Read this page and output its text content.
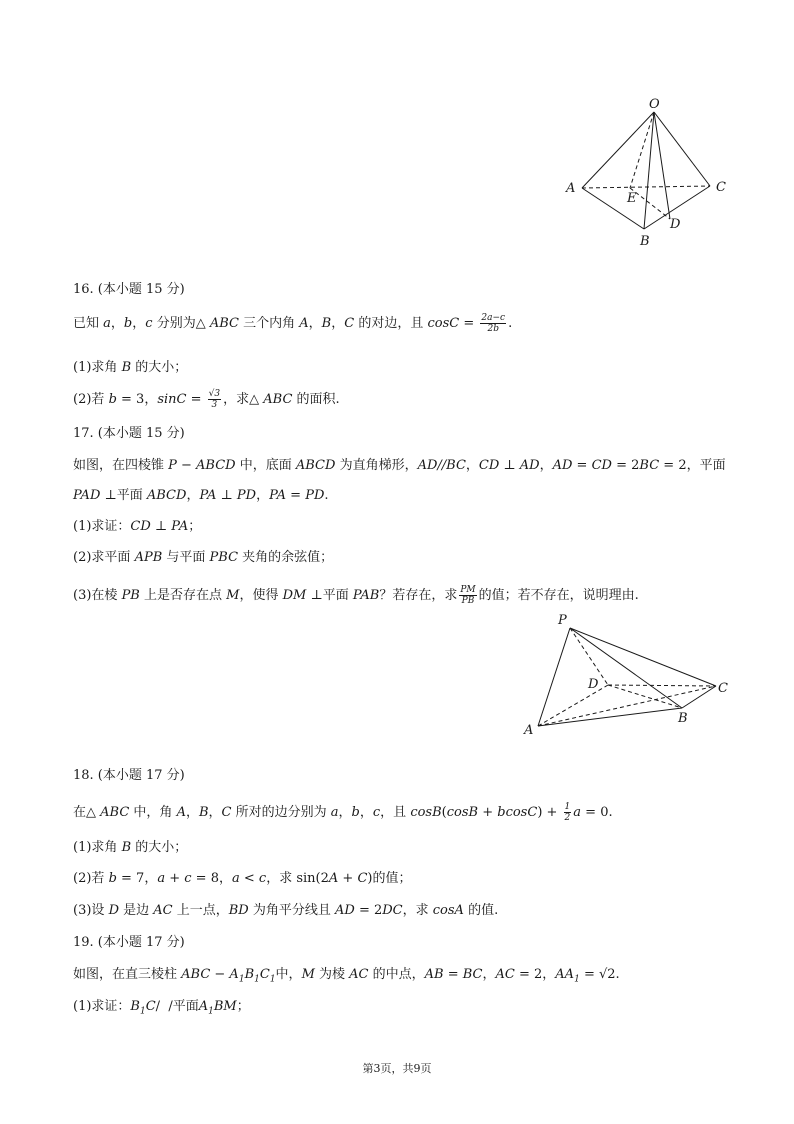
O
A	C
E
D
B
16. (本小题 15 分)
已知 a，b，c 分别为△ ABC 三个内角 A，B，C 的对边，且 $\cos C = \frac{2a-c}{2b}$ .
(1)求角 B 的大小；
(2)若 b = 3，$\sin C = \frac{√3}{3}$ ，求△ ABC 的面积.
17. (本小题 15 分)
如图，在四棱锥 P − ABCD 中，底面 ABCD 为直角梯形，AD//BC，CD ⊥ AD，AD = CD = 2BC = 2，平面
PAD ⊥平面 ABCD，PA ⊥ PD，PA = PD.
(1)求证：CD ⊥ PA；
(2)求平面 APB 与平面 PBC 夹角的余弦值；
(3)在棱 PB 上是否存在点 M，使得 DM ⊥平面 PAB？若存在，求 $\frac{PM}{PB}$ 的值；若不存在，说明理由.
P
D	C
B
A
18. (本小题 17 分)
在△ ABC 中，角 A，B，C 所对的边分别为 a，b，c，且 $\cos B(\cos B + bcosC) + \frac{1}{2}$ a = 0.
(1)求角 B 的大小；
(2)若 b = 7，a + c = 8，a < c，求 sin(2A + C)的值；
(3)设 D 是边 AC 上一点，BD 为角平分线且 AD = 2DC，求 cosA 的值.
19. (本小题 17 分)
如图，在直三棱柱 ABC − $A_1B_1C_1$中，M 为棱 AC 的中点，AB = BC，AC = 2，$AA_1 = √2$.
(1)求证：$B_1C/$  /平面$A_1BM$；
第3页，共9页
